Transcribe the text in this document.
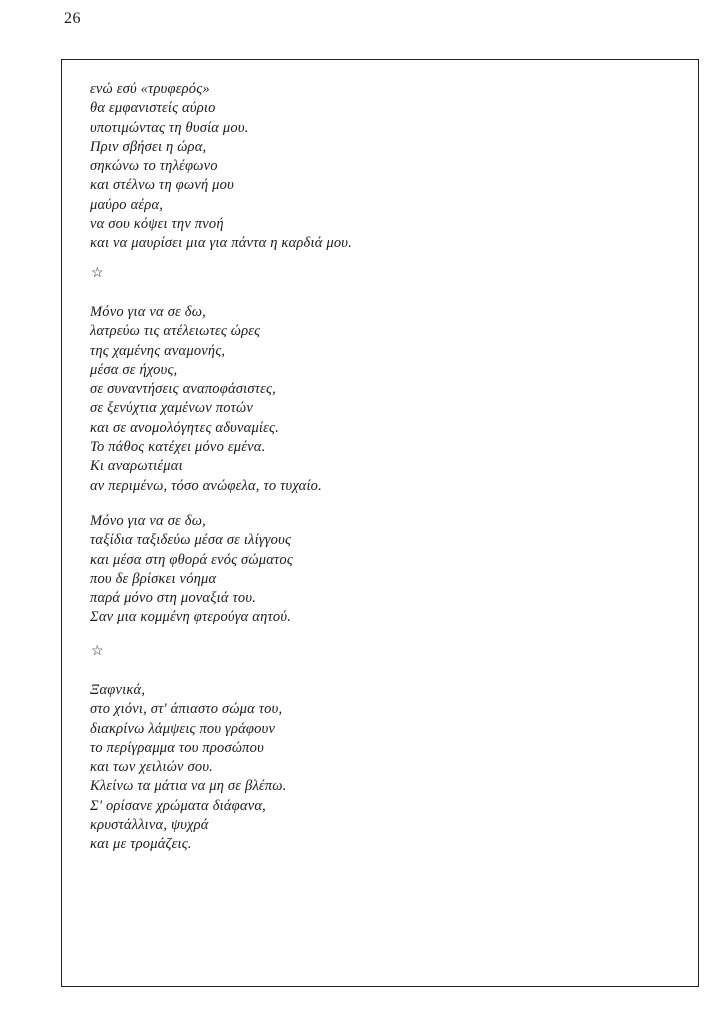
26
ενώ εσύ «τρυφερός»
θα εμφανιστείς αύριο
υποτιμώντας τη θυσία μου.
Πριν σβήσει η ώρα,
σηκώνω το τηλέφωνο
και στέλνω τη φωνή μου
μαύρο αέρα,
να σου κόψει την πνοή
και να μαυρίσει μια για πάντα η καρδιά μου.
☆
Μόνο για να σε δω,
λατρεύω τις ατέλειωτες ώρες
της χαμένης αναμονής,
μέσα σε ήχους,
σε συναντήσεις αναποφάσιστες,
σε ξενύχτια χαμένων ποτών
και σε ανομολόγητες αδυναμίες.
Το πάθος κατέχει μόνο εμένα.
Κι αναρωτιέμαι
αν περιμένω, τόσο ανώφελα, το τυχαίο.
Μόνο για να σε δω,
ταξίδια ταξιδεύω μέσα σε ιλίγγους
και μέσα στη φθορά ενός σώματος
που δε βρίσκει νόημα
παρά μόνο στη μοναξιά του.
Σαν μια κομμένη φτερούγα αητού.
☆
Ξαφνικά,
στο χιόνι, στ' άπιαστο σώμα του,
διακρίνω λάμψεις που γράφουν
το περίγραμμα του προσώπου
και των χειλιών σου.
Κλείνω τα μάτια να μη σε βλέπω.
Σ' ορίσανε χρώματα διάφανα,
κρυστάλλινα, ψυχρά
και με τρομάζεις.
